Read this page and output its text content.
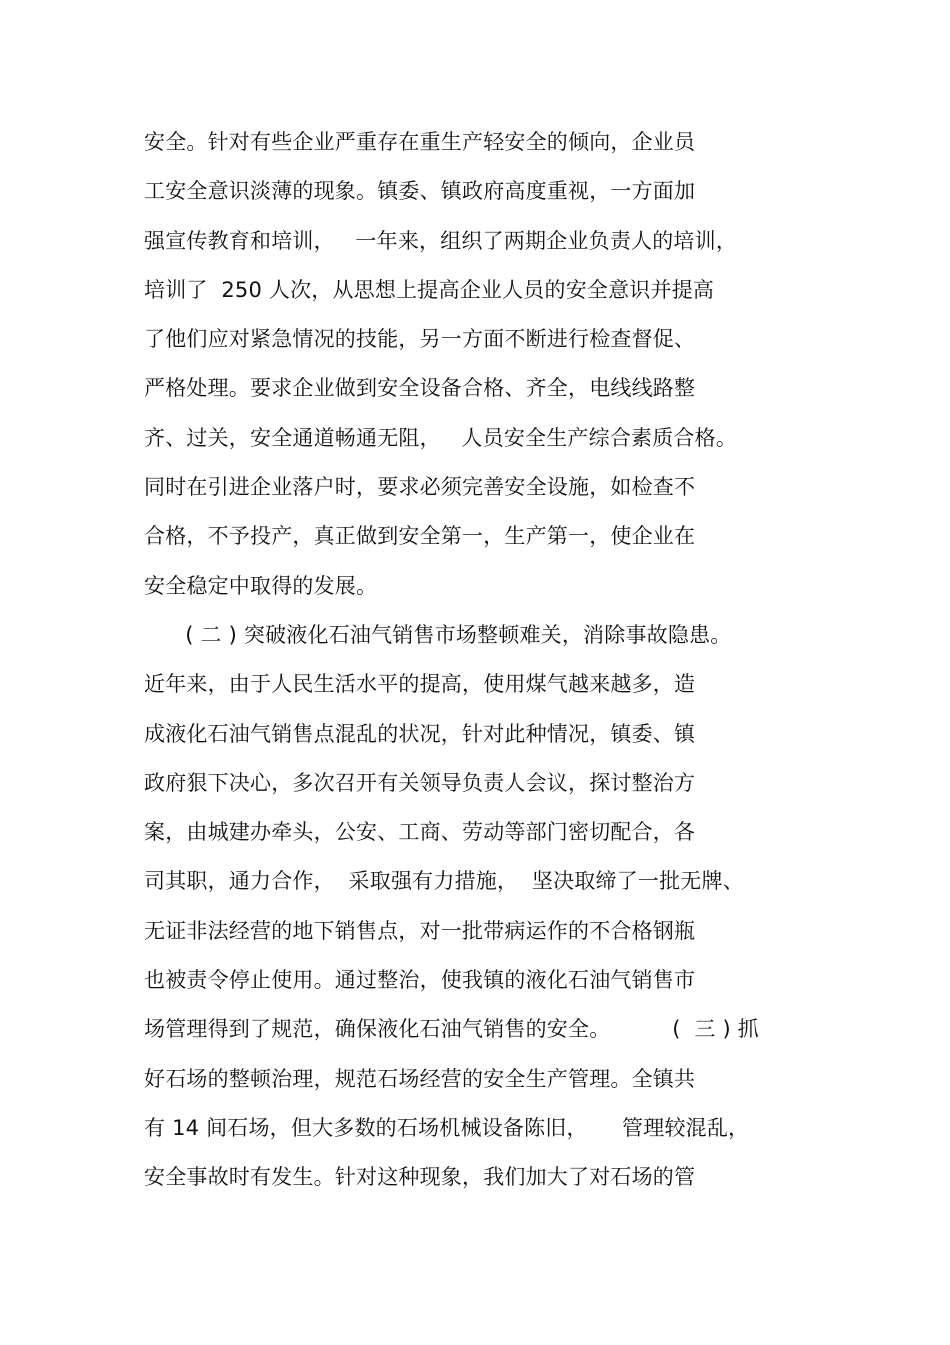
安全。针对有些企业严重存在重生产轻安全的倾向，企业员
工安全意识淡薄的现象。镇委、镇政府高度重视，一方面加
强宣传教育和培训，   一年来，组织了两期企业负责人的培训，
培训了  250 人次，从思想上提高企业人员的安全意识并提高
了他们应对紧急情况的技能，另一方面不断进行检查督促、
严格处理。要求企业做到安全设备合格、齐全，电线线路整
齐、过关，安全通道畅通无阻，   人员安全生产综合素质合格。
同时在引进企业落户时，要求必须完善安全设施，如检查不
合格，不予投产，真正做到安全第一，生产第一，使企业在
安全稳定中取得的发展。
( 二 ) 突破液化石油气销售市场整顿难关，消除事故隐患。
近年来，由于人民生活水平的提高，使用煤气越来越多，造
成液化石油气销售点混乱的状况，针对此种情况，镇委、镇
政府狠下决心，多次召开有关领导负责人会议，探讨整治方
案，由城建办牵头，公安、工商、劳动等部门密切配合，各
司其职，通力合作，  采取强有力措施，  坚决取缔了一批无牌、
无证非法经营的地下销售点，对一批带病运作的不合格钢瓶
也被责令停止使用。通过整治，使我镇的液化石油气销售市
场管理得到了规范，确保液化石油气销售的安全。         (  三 ) 抓
好石场的整顿治理，规范石场经营的安全生产管理。全镇共
有 14 间石场，但大多数的石场机械设备陈旧，     管理较混乱，
安全事故时有发生。针对这种现象，我们加大了对石场的管
